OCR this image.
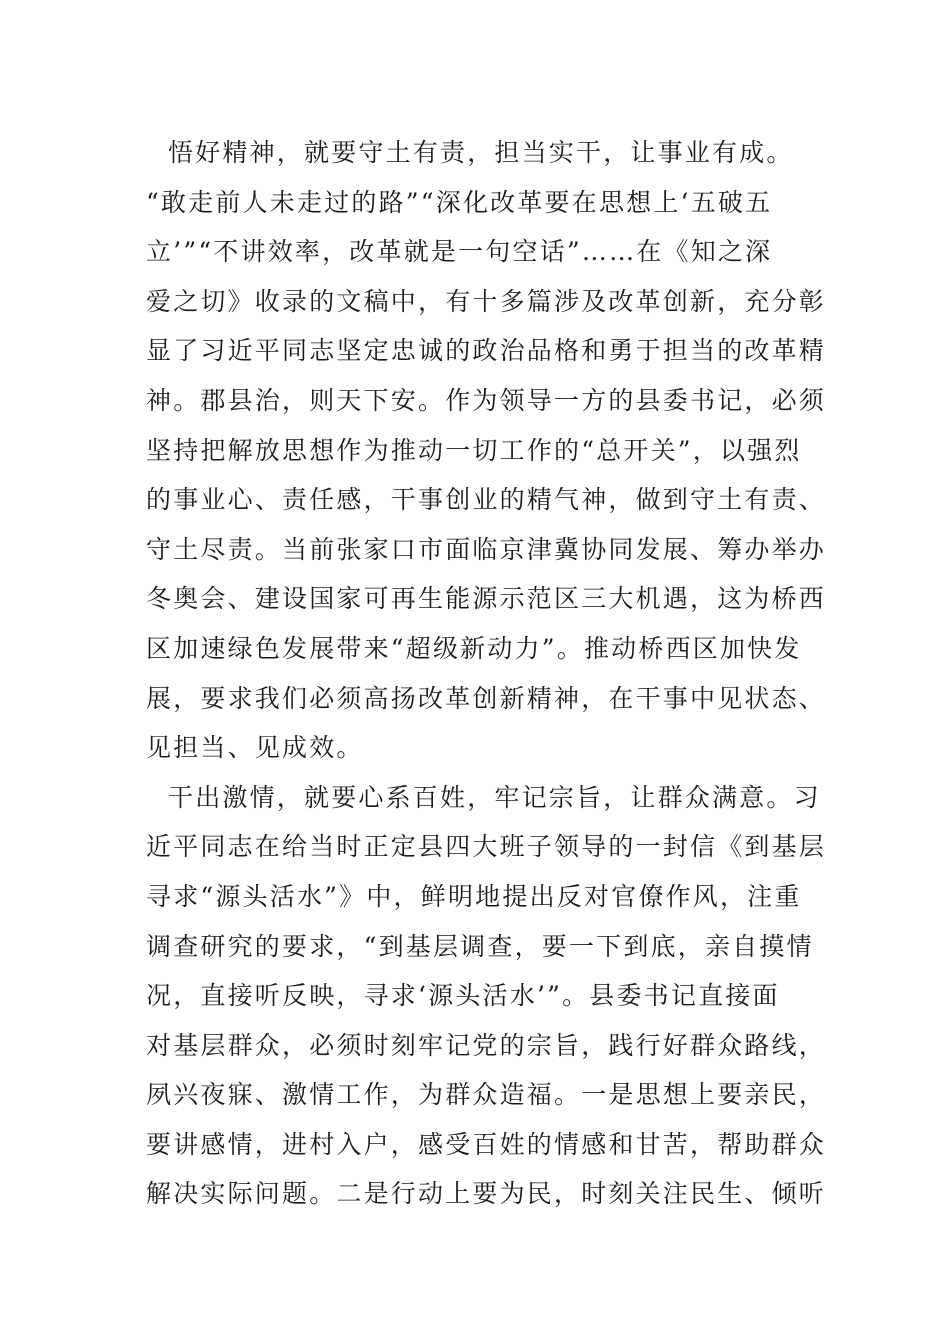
悟好精神，就要守土有责，担当实干，让事业有成。
“敢走前人未走过的路”“深化改革要在思想上‘五破五
立’”“不讲效率，改革就是一句空话”……在《知之深
爱之切》收录的文稿中，有十多篇涉及改革创新，充分彰
显了习近平同志坚定忠诚的政治品格和勇于担当的改革精
神。郡县治，则天下安。作为领导一方的县委书记，必须
坚持把解放思想作为推动一切工作的“总开关”，以强烈
的事业心、责任感，干事创业的精气神，做到守土有责、
守土尽责。当前张家口市面临京津冀协同发展、筹办举办
冬奥会、建设国家可再生能源示范区三大机遇，这为桥西
区加速绿色发展带来“超级新动力”。推动桥西区加快发
展，要求我们必须高扬改革创新精神，在干事中见状态、
见担当、见成效。
干出激情，就要心系百姓，牢记宗旨，让群众满意。习
近平同志在给当时正定县四大班子领导的一封信《到基层
寻求“源头活水”》中，鲜明地提出反对官僚作风，注重
调查研究的要求，“到基层调查，要一下到底，亲自摸情
况，直接听反映，寻求‘源头活水’”。县委书记直接面
对基层群众，必须时刻牢记党的宗旨，践行好群众路线，
夙兴夜寐、激情工作，为群众造福。一是思想上要亲民，
要讲感情，进村入户，感受百姓的情感和甘苦，帮助群众
解决实际问题。二是行动上要为民，时刻关注民生、倾听
